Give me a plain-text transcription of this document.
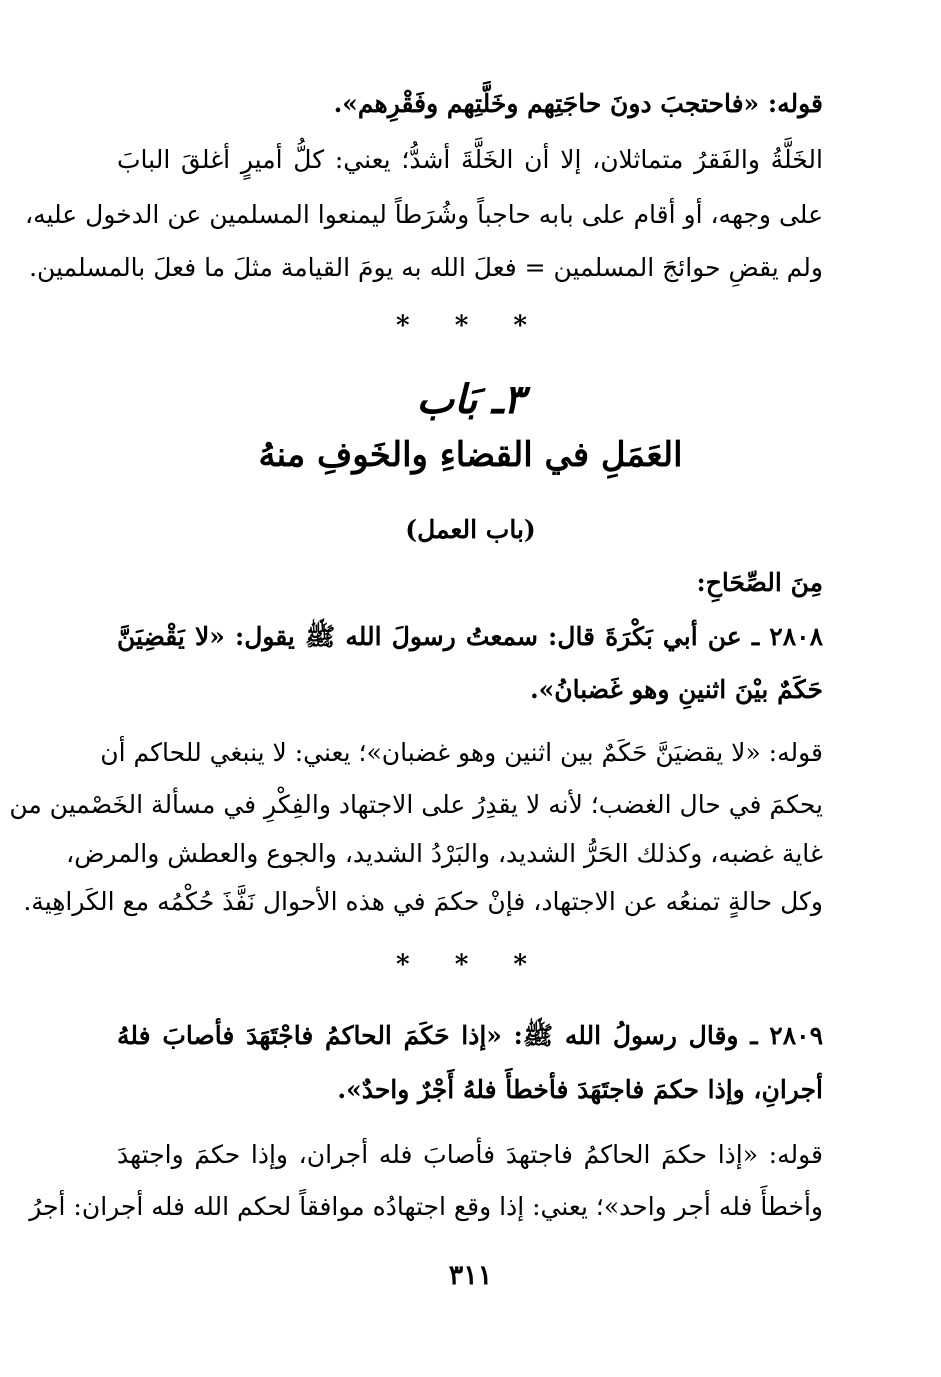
قوله: «فاحتجبَ دونَ حاجَتِهم وخَلَّتِهم وفَقْرِهم».
الخَلَّةُ والفَقرُ متماثلان، إلا أن الخَلَّةَ أشدُّ؛ يعني: كلُّ أميرٍ أغلقَ البابَ
على وجهه، أو أقام على بابه حاجباً وشُرَطاً ليمنعوا المسلمين عن الدخول عليه،
ولم يقضِ حوائجَ المسلمين = فعلَ الله به يومَ القيامة مثلَ ما فعلَ بالمسلمين.
* * *
٣ـ بَاب
العَمَلِ في القضاءِ والخَوفِ منهُ
(باب العمل)
مِنَ الصِّحَاحِ:
٢٨٠٨ ـ عن أبي بَكْرَةَ قال: سمعتُ رسولَ الله ﷺ يقول: «لا يَقْضِيَنَّ
حَكَمٌ بيْنَ اثنينِ وهو غَضبانُ».
قوله: «لا يقضيَنَّ حَكَمٌ بين اثنين وهو غضبان»؛ يعني: لا ينبغي للحاكم أن
يحكمَ في حال الغضب؛ لأنه لا يقدِرُ على الاجتهاد والفِكْرِ في مسألة الخَصْمين من
غاية غضبه، وكذلك الحَرُّ الشديد، والبَرْدُ الشديد، والجوع والعطش والمرض،
وكل حالةٍ تمنعُه عن الاجتهاد، فإنْ حكمَ في هذه الأحوال نَفَّذَ حُكْمُه مع الكَراهِية.
* * *
٢٨٠٩ ـ وقال رسولُ الله ﷺ: «إذا حَكَمَ الحاكمُ فاجْتَهَدَ فأصابَ فلهُ
أجرانِ، وإذا حكمَ فاجتَهَدَ فأخطأَ فلهُ أَجْرٌ واحدٌ».
قوله: «إذا حكمَ الحاكمُ فاجتهدَ فأصابَ فله أجران، وإذا حكمَ واجتهدَ
وأخطأَ فله أجر واحد»؛ يعني: إذا وقع اجتهادُه موافقاً لحكم الله فله أجران: أجرُ
٣١١
